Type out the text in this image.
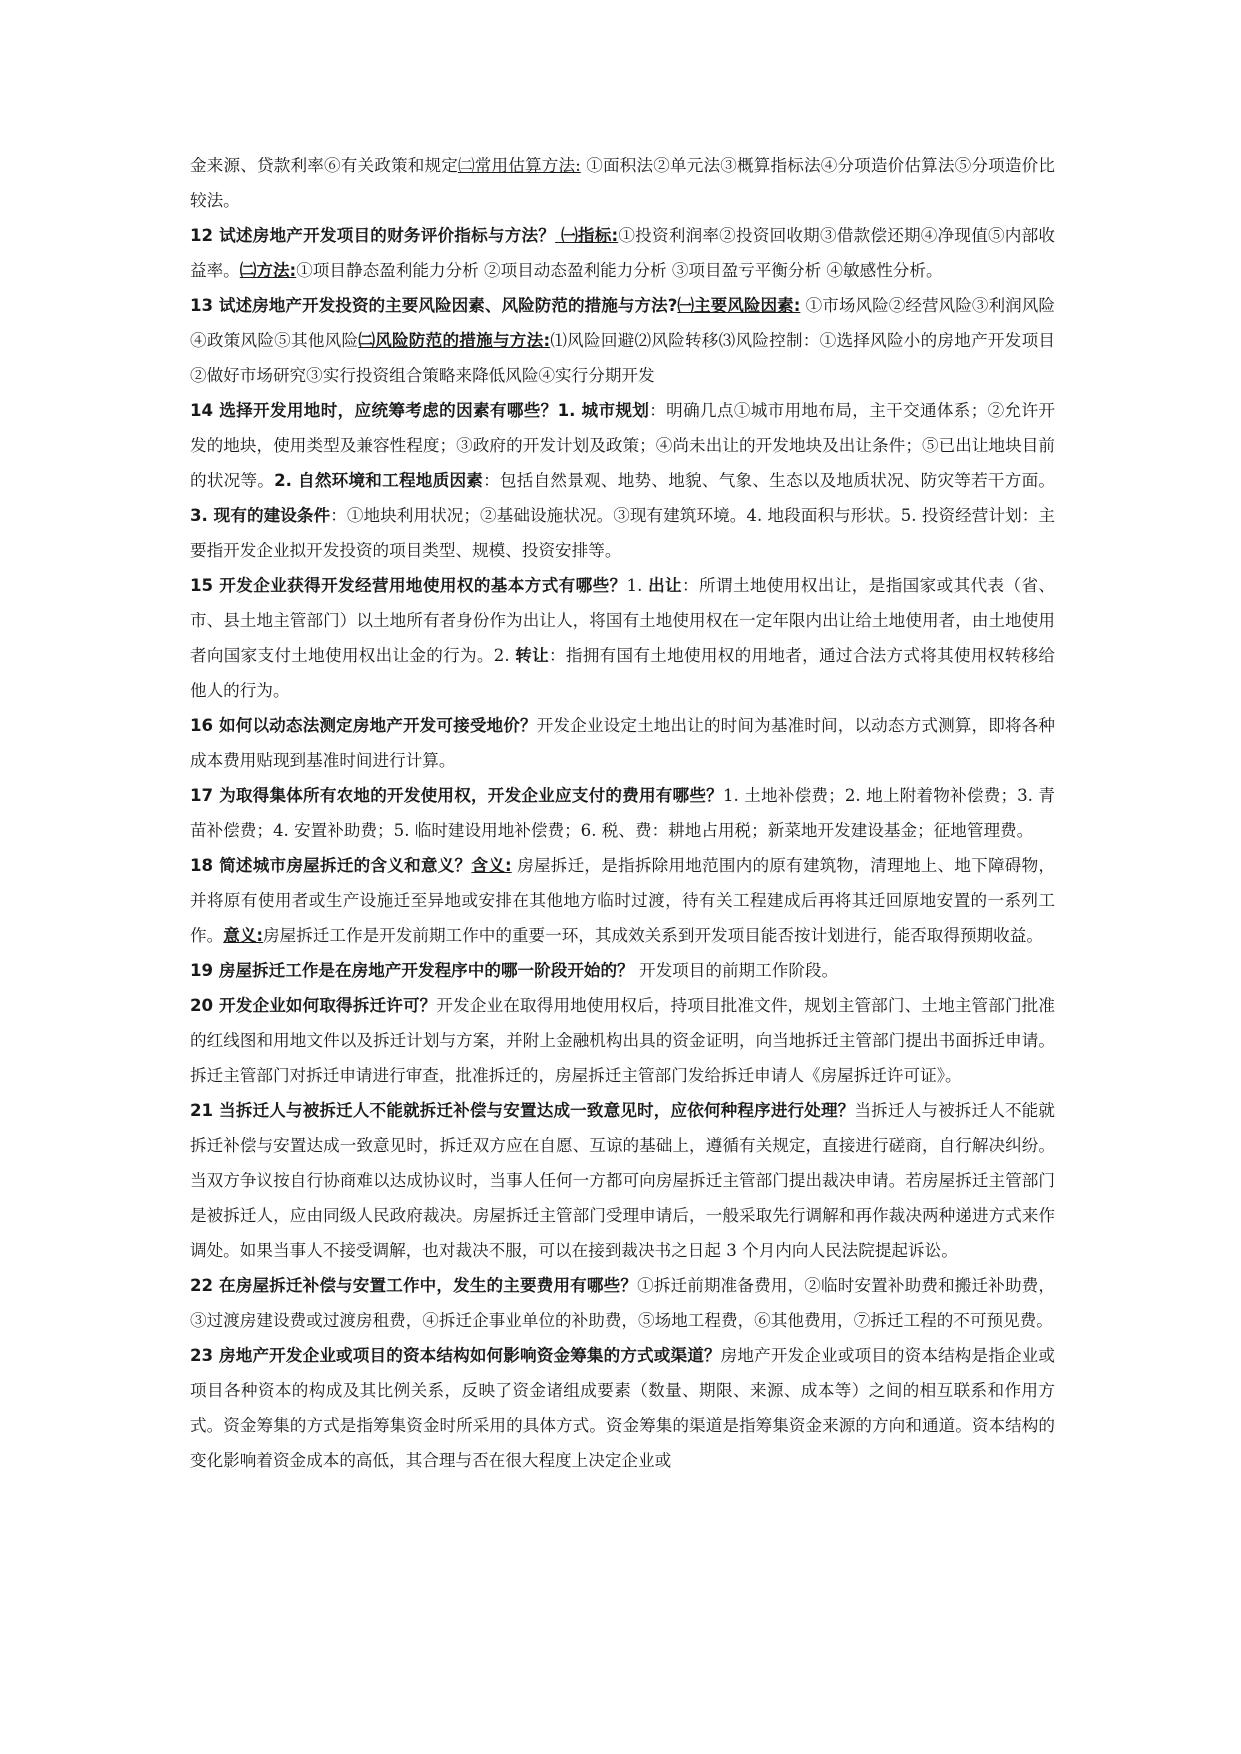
金来源、贷款利率⑥有关政策和规定㈡常用估算方法: ①面积法②单元法③概算指标法④分项造价估算法⑤分项造价比较法。

12 试述房地产开发项目的财务评价指标与方法？ ㈠指标:①投资利润率②投资回收期③借款偿还期④净现值⑤内部收益率。㈡方法:①项目静态盈利能力分析 ②项目动态盈利能力分析 ③项目盈亏平衡分析 ④敏感性分析。

13 试述房地产开发投资的主要风险因素、风险防范的措施与方法?㈠主要风险因素: ①市场风险②经营风险③利润风险④政策风险⑤其他风险㈡风险防范的措施与方法:⑴风险回避⑵风险转移⑶风险控制：①选择风险小的房地产开发项目②做好市场研究③实行投资组合策略来降低风险④实行分期开发

14 选择开发用地时，应统筹考虑的因素有哪些？1. 城市规划：明确几点①城市用地布局，主干交通体系；②允许开发的地块，使用类型及兼容性程度；③政府的开发计划及政策；④尚未出让的开发地块及出让条件；⑤已出让地块目前的状况等。2. 自然环境和工程地质因素：包括自然景观、地势、地貌、气象、生态以及地质状况、防灾等若干方面。3. 现有的建设条件：①地块利用状况；②基础设施状况。③现有建筑环境。4. 地段面积与形状。5. 投资经营计划：主要指开发企业拟开发投资的项目类型、规模、投资安排等。

15 开发企业获得开发经营用地使用权的基本方式有哪些？1. 出让：所谓土地使用权出让，是指国家或其代表（省、市、县土地主管部门）以土地所有者身份作为出让人，将国有土地使用权在一定年限内出让给土地使用者，由土地使用者向国家支付土地使用权出让金的行为。2. 转让：指拥有国有土地使用权的用地者，通过合法方式将其使用权转移给他人的行为。

16 如何以动态法测定房地产开发可接受地价？开发企业设定土地出让的时间为基准时间，以动态方式测算，即将各种成本费用贴现到基准时间进行计算。

17 为取得集体所有农地的开发使用权，开发企业应支付的费用有哪些？1. 土地补偿费；2. 地上附着物补偿费；3. 青苗补偿费；4. 安置补助费；5. 临时建设用地补偿费；6. 税、费：耕地占用税；新菜地开发建设基金；征地管理费。

18 简述城市房屋拆迁的含义和意义？含义: 房屋拆迁，是指拆除用地范围内的原有建筑物，清理地上、地下障碍物，并将原有使用者或生产设施迁至异地或安排在其他地方临时过渡，待有关工程建成后再将其迁回原地安置的一系列工作。意义:房屋拆迁工作是开发前期工作中的重要一环，其成效关系到开发项目能否按计划进行，能否取得预期收益。

19 房屋拆迁工作是在房地产开发程序中的哪一阶段开始的？ 开发项目的前期工作阶段。

20 开发企业如何取得拆迁许可？开发企业在取得用地使用权后，持项目批准文件，规划主管部门、土地主管部门批准的红线图和用地文件以及拆迁计划与方案，并附上金融机构出具的资金证明，向当地拆迁主管部门提出书面拆迁申请。拆迁主管部门对拆迁申请进行审查，批准拆迁的，房屋拆迁主管部门发给拆迁申请人《房屋拆迁许可证》。

21 当拆迁人与被拆迁人不能就拆迁补偿与安置达成一致意见时，应依何种程序进行处理？当拆迁人与被拆迁人不能就拆迁补偿与安置达成一致意见时，拆迁双方应在自愿、互谅的基础上，遵循有关规定，直接进行磋商，自行解决纠纷。当双方争议按自行协商难以达成协议时，当事人任何一方都可向房屋拆迁主管部门提出裁决申请。若房屋拆迁主管部门是被拆迁人，应由同级人民政府裁决。房屋拆迁主管部门受理申请后，一般采取先行调解和再作裁决两种递进方式来作调处。如果当事人不接受调解，也对裁决不服，可以在接到裁决书之日起 3 个月内向人民法院提起诉讼。

22 在房屋拆迁补偿与安置工作中，发生的主要费用有哪些？①拆迁前期准备费用，②临时安置补助费和搬迁补助费，③过渡房建设费或过渡房租费，④拆迁企事业单位的补助费，⑤场地工程费，⑥其他费用，⑦拆迁工程的不可预见费。

23 房地产开发企业或项目的资本结构如何影响资金筹集的方式或渠道？房地产开发企业或项目的资本结构是指企业或项目各种资本的构成及其比例关系，反映了资金诸组成要素（数量、期限、来源、成本等）之间的相互联系和作用方式。资金筹集的方式是指筹集资金时所采用的具体方式。资金筹集的渠道是指筹集资金来源的方向和通道。资本结构的变化影响着资金成本的高低，其合理与否在很大程度上决定企业或
